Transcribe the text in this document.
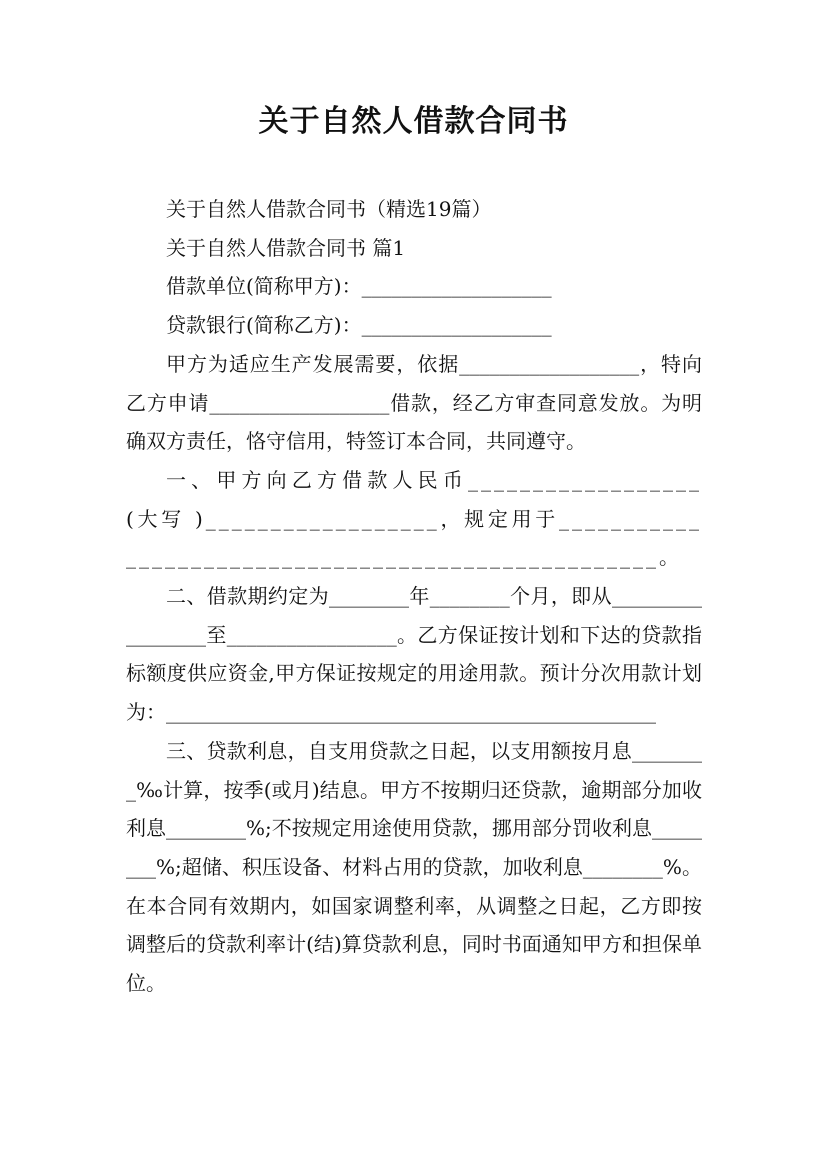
关于自然人借款合同书

关于自然人借款合同书（精选19篇）

关于自然人借款合同书 篇1

借款单位(简称甲方)：___________________

贷款银行(简称乙方)：___________________

甲方为适应生产发展需要，依据__________________，特向乙方申请__________________借款，经乙方审查同意发放。为明确双方责任，恪守信用，特签订本合同，共同遵守。

一、甲方向乙方借款人民币__________________(大写 )__________________，规定用于____________________________________________________。

二、借款期约定为________年________个月，即从_________________至_________________。乙方保证按计划和下达的贷款指标额度供应资金,甲方保证按规定的用途用款。预计分次用款计划为：_________________________________________________

三、贷款利息，自支用贷款之日起，以支用额按月息________‰计算，按季(或月)结息。甲方不按期归还贷款，逾期部分加收利息________%;不按规定用途使用贷款，挪用部分罚收利息________%;超储、积压设备、材料占用的贷款，加收利息________%。在本合同有效期内，如国家调整利率，从调整之日起，乙方即按调整后的贷款利率计(结)算贷款利息，同时书面通知甲方和担保单位。
